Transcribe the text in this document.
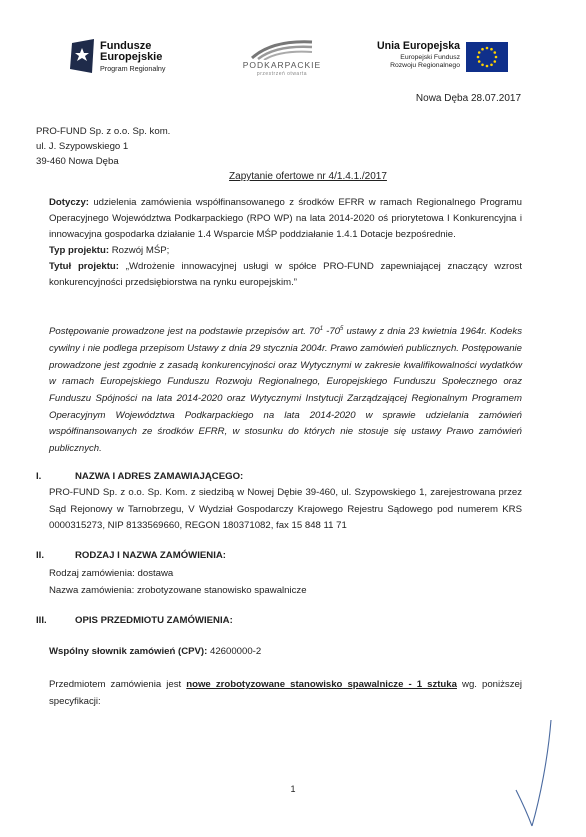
Fundusze
Europejskie
Program Regionalny	PODKARPACKIE
przestrzeń otwarta
Unia Europejska
Europejski Fundusz
Rozwoju Regionalnego
Nowa Dęba 28.07.2017
PRO-FUND Sp. z o.o. Sp. kom.
ul. J. Szypowskiego 1
39-460 Nowa Dęba
Zapytanie ofertowe nr 4/1.4.1./2017
Dotyczy: udzielenia zamówienia współfinansowanego z środków EFRR w ramach Regionalnego Programu Operacyjnego Województwa Podkarpackiego (RPO WP) na lata 2014-2020 oś priorytetowa I Konkurencyjna i innowacyjna gospodarka działanie 1.4 Wsparcie MŚP poddziałanie 1.4.1 Dotacje bezpośrednie.
Typ projektu: Rozwój MŚP;
Tytuł projektu: „Wdrożenie innowacyjnej usługi w spółce PRO-FUND zapewniającej znaczący wzrost konkurencyjności przedsiębiorstwa na rynku europejskim.”
Postępowanie prowadzone jest na podstawie przepisów art. $70^1$ $-70^5$ ustawy z dnia 23 kwietnia 1964r. Kodeks cywilny i nie podlega przepisom Ustawy z dnia 29 stycznia 2004r. Prawo zamówień publicznych. Postępowanie prowadzone jest zgodnie z zasadą konkurencyjności oraz Wytycznymi w zakresie kwalifikowalności wydatków w ramach Europejskiego Funduszu Rozwoju Regionalnego, Europejskiego Funduszu Społecznego oraz Funduszu Spójności na lata 2014-2020 oraz Wytycznymi Instytucji Zarządzającej Regionalnym Programem Operacyjnym Województwa Podkarpackiego na lata 2014-2020 w sprawie udzielania zamówień współfinansowanych ze środków EFRR, w stosunku do których nie stosuje się ustawy Prawo zamówień publicznych.
I.	NAZWA I ADRES ZAMAWIAJĄCEGO:
PRO-FUND Sp. z o.o. Sp. Kom. z siedzibą w Nowej Dębie 39-460, ul. Szypowskiego 1, zarejestrowana przez Sąd Rejonowy w Tarnobrzegu, V Wydział Gospodarczy Krajowego Rejestru Sądowego pod numerem KRS 0000315273, NIP 8133569660, REGON 180371082, fax 15 848 11 71
II.	RODZAJ I NAZWA ZAMÓWIENIA:
Rodzaj zamówienia: dostawa
Nazwa zamówienia: zrobotyzowane stanowisko spawalnicze
III.	OPIS PRZEDMIOTU ZAMÓWIENIA:
Wspólny słownik zamówień (CPV): 42600000-2
Przedmiotem zamówienia jest nowe zrobotyzowane stanowisko spawalnicze - 1 sztuka wg. poniższej specyfikacji:
1
